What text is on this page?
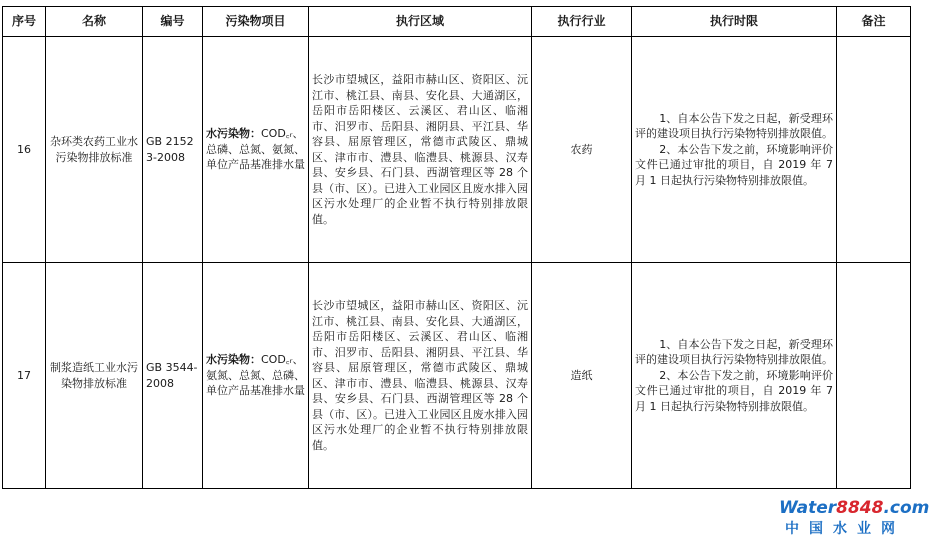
序号	名称	编号	污染物项目	执行区域	执行行业	执行时限	备注
16	杂环类农药工业水污染物排放标准	GB 21523-2008	水污染物：COD꜀ᵣ、总磷、总氮、氨氮、单位产品基准排水量	长沙市望城区，益阳市赫山区、资阳区、沅江市、桃江县、南县、安化县、大通湖区，岳阳市岳阳楼区、云溪区、君山区、临湘市、汨罗市、岳阳县、湘阴县、平江县、华容县、屈原管理区，常德市武陵区、鼎城区、津市市、澧县、临澧县、桃源县、汉寿县、安乡县、石门县、西湖管理区等 28 个县（市、区）。已进入工业园区且废水排入园区污水处理厂的企业暂不执行特别排放限值。	农药	1、自本公告下发之日起，新受理环评的建设项目执行污染物特别排放限值。

2、本公告下发之前，环境影响评价文件已通过审批的项目，自 2019 年 7 月 1 日起执行污染物特别排放限值。	

17	制浆造纸工业水污染物排放标准	GB 3544-2008	水污染物：COD꜀ᵣ、氨氮、总氮、总磷、单位产品基准排水量	长沙市望城区，益阳市赫山区、资阳区、沅江市、桃江县、南县、安化县、大通湖区，岳阳市岳阳楼区、云溪区、君山区、临湘市、汨罗市、岳阳县、湘阴县、平江县、华容县、屈原管理区，常德市武陵区、鼎城区、津市市、澧县、临澧县、桃源县、汉寿县、安乡县、石门县、西湖管理区等 28 个县（市、区）。已进入工业园区且废水排入园区污水处理厂的企业暂不执行特别排放限值。	造纸	1、自本公告下发之日起，新受理环评的建设项目执行污染物特别排放限值。

2、本公告下发之前，环境影响评价文件已通过审批的项目，自 2019 年 7 月 1 日起执行污染物特别排放限值。	

Water8848.com
中国水业网
